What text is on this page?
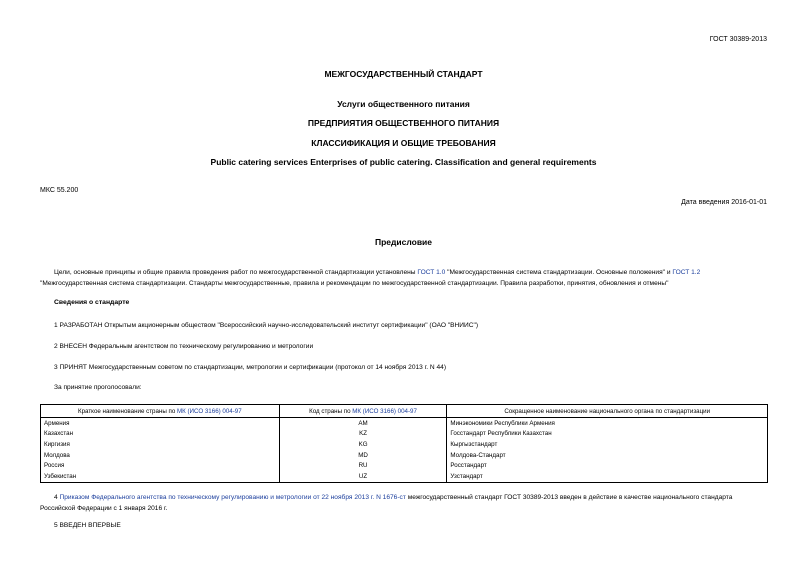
ГОСТ 30389-2013
МЕЖГОСУДАРСТВЕННЫЙ СТАНДАРТ
Услуги общественного питания
ПРЕДПРИЯТИЯ ОБЩЕСТВЕННОГО ПИТАНИЯ
КЛАССИФИКАЦИЯ И ОБЩИЕ ТРЕБОВАНИЯ
Public catering services Enterprises of public catering. Classification and general requirements
МКС 55.200
Дата введения 2016-01-01
Предисловие
Цели, основные принципы и общие правила проведения работ по межгосударственной стандартизации установлены ГОСТ 1.0 "Межгосударственная система стандартизации. Основные положения" и ГОСТ 1.2 "Межгосударственная система стандартизации. Стандарты межгосударственные, правила и рекомендации по межгосударственной стандартизации. Правила разработки, принятия, обновления и отмены"
Сведения о стандарте
1 РАЗРАБОТАН Открытым акционерным обществом "Всероссийский научно-исследовательский институт сертификации" (ОАО "ВНИИС")
2 ВНЕСЕН Федеральным агентством по техническому регулированию и метрологии
3 ПРИНЯТ Межгосударственным советом по стандартизации, метрологии и сертификации (протокол от 14 ноября 2013 г. N 44)
За принятие проголосовали:
Краткое наименование страны по МК (ИСО 3166) 004-97	Код страны по МК (ИСО 3166) 004-97	Сокращенное наименование национального органа по стандартизации
Армения	AM	Минэкономики Республики Армения
Казахстан	KZ	Госстандарт Республики Казахстан
Киргизия	KG	Кыргызстандарт
Молдова	MD	Молдова-Стандарт
Россия	RU	Росстандарт
Узбекистан	UZ	Узстандарт
4 Приказом Федерального агентства по техническому регулированию и метрологии от 22 ноября 2013 г. N 1676-ст межгосударственный стандарт ГОСТ 30389-2013 введен в действие в качестве национального стандарта Российской Федерации с 1 января 2016 г.
5 ВВЕДЕН ВПЕРВЫЕ
